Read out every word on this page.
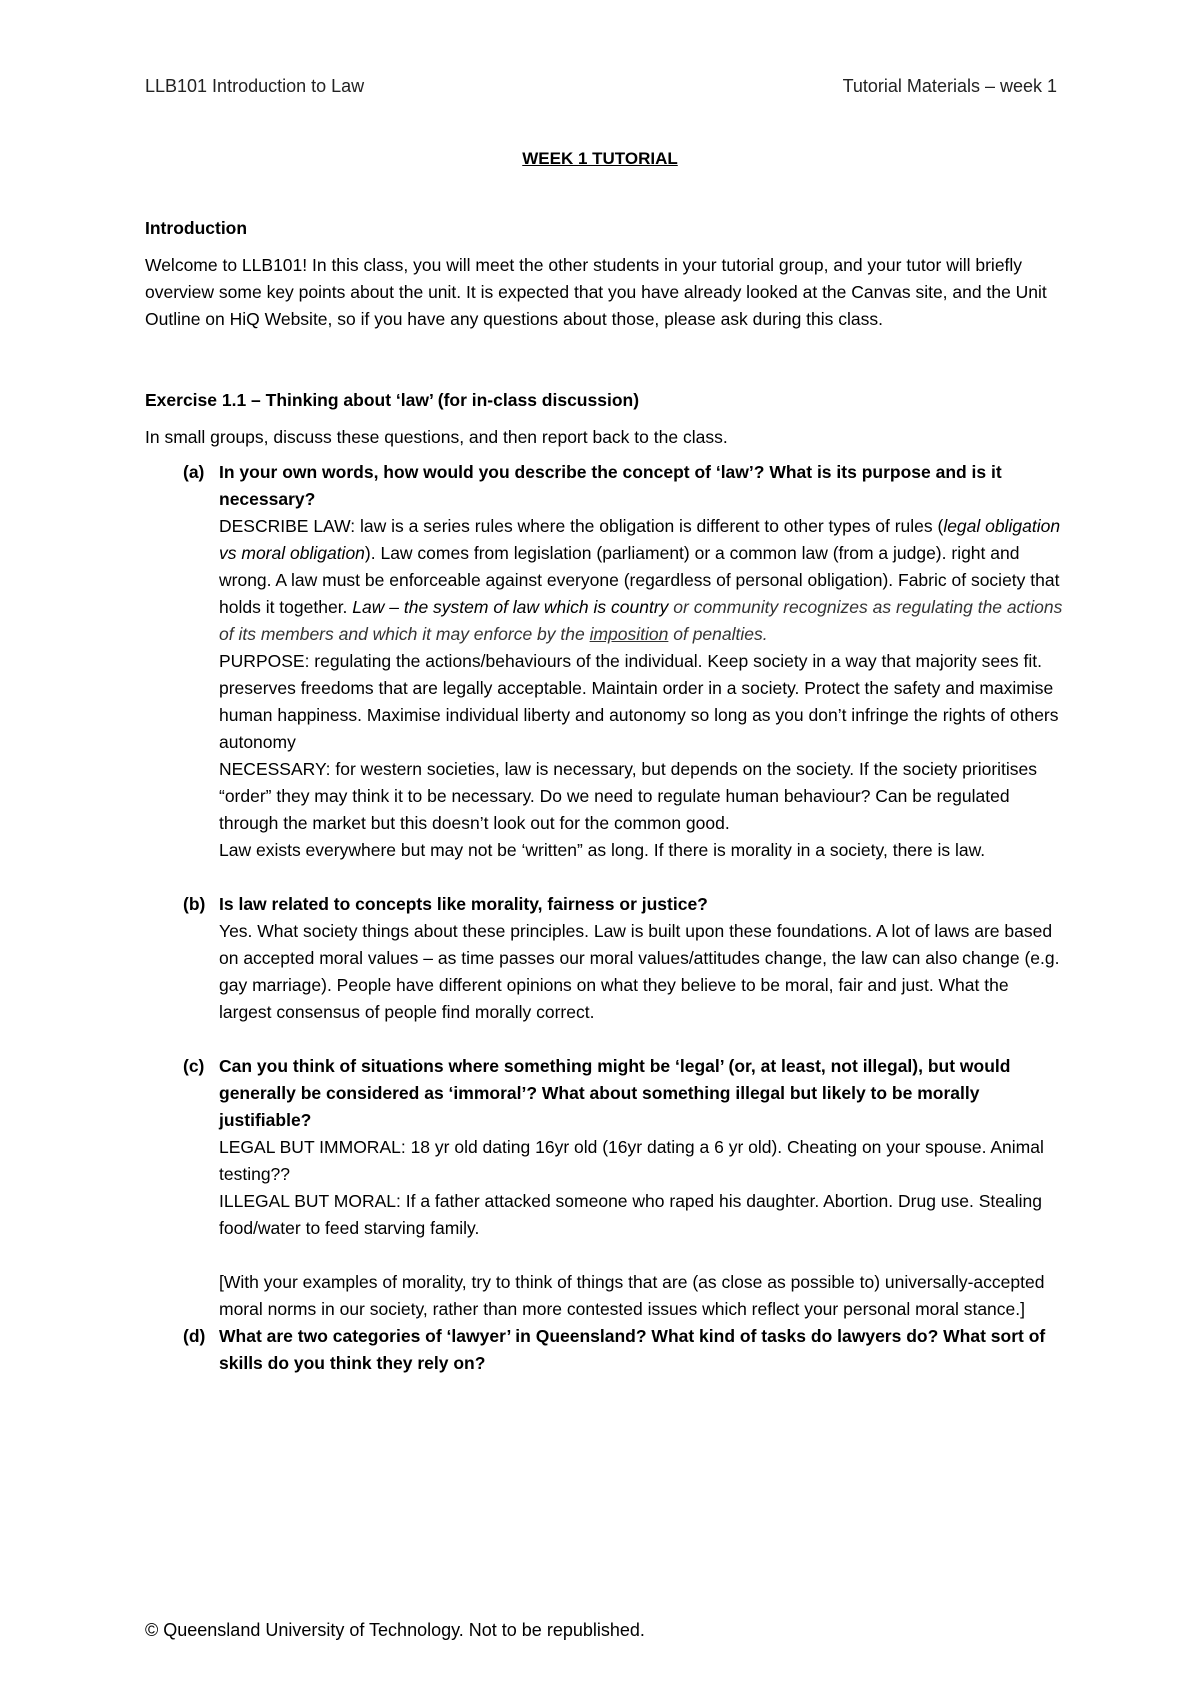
LLB101 Introduction to Law	Tutorial Materials – week 1
WEEK 1 TUTORIAL

Introduction

Welcome to LLB101! In this class, you will meet the other students in your tutorial group, and your tutor will briefly overview some key points about the unit. It is expected that you have already looked at the Canvas site, and the Unit Outline on HiQ Website, so if you have any questions about those, please ask during this class.

Exercise 1.1 – Thinking about ‘law’ (for in-class discussion)

In small groups, discuss these questions, and then report back to the class.

(a) In your own words, how would you describe the concept of ‘law’? What is its purpose and is it necessary?
DESCRIBE LAW: law is a series rules where the obligation is different to other types of rules (legal obligation vs moral obligation). Law comes from legislation (parliament) or a common law (from a judge). right and wrong. A law must be enforceable against everyone (regardless of personal obligation). Fabric of society that holds it together. Law – the system of law which is country or community recognizes as regulating the actions of its members and which it may enforce by the imposition of penalties.
PURPOSE: regulating the actions/behaviours of the individual. Keep society in a way that majority sees fit. preserves freedoms that are legally acceptable. Maintain order in a society. Protect the safety and maximise human happiness. Maximise individual liberty and autonomy so long as you don’t infringe the rights of others autonomy
NECESSARY: for western societies, law is necessary, but depends on the society. If the society prioritises “order” they may think it to be necessary. Do we need to regulate human behaviour? Can be regulated through the market but this doesn’t look out for the common good.
Law exists everywhere but may not be ‘written” as long. If there is morality in a society, there is law.
(b) Is law related to concepts like morality, fairness or justice?
Yes. What society things about these principles. Law is built upon these foundations. A lot of laws are based on accepted moral values – as time passes our moral values/attitudes change, the law can also change (e.g. gay marriage). People have different opinions on what they believe to be moral, fair and just. What the largest consensus of people find morally correct.
(c) Can you think of situations where something might be ‘legal’ (or, at least, not illegal), but would generally be considered as ‘immoral’? What about something illegal but likely to be morally justifiable?
LEGAL BUT IMMORAL: 18 yr old dating 16yr old (16yr dating a 6 yr old). Cheating on your spouse. Animal testing??
ILLEGAL BUT MORAL: If a father attacked someone who raped his daughter. Abortion. Drug use. Stealing food/water to feed starving family.
[With your examples of morality, try to think of things that are (as close as possible to) universally-accepted moral norms in our society, rather than more contested issues which reflect your personal moral stance.]
(d) What are two categories of ‘lawyer’ in Queensland? What kind of tasks do lawyers do? What sort of skills do you think they rely on?
© Queensland University of Technology. Not to be republished.
